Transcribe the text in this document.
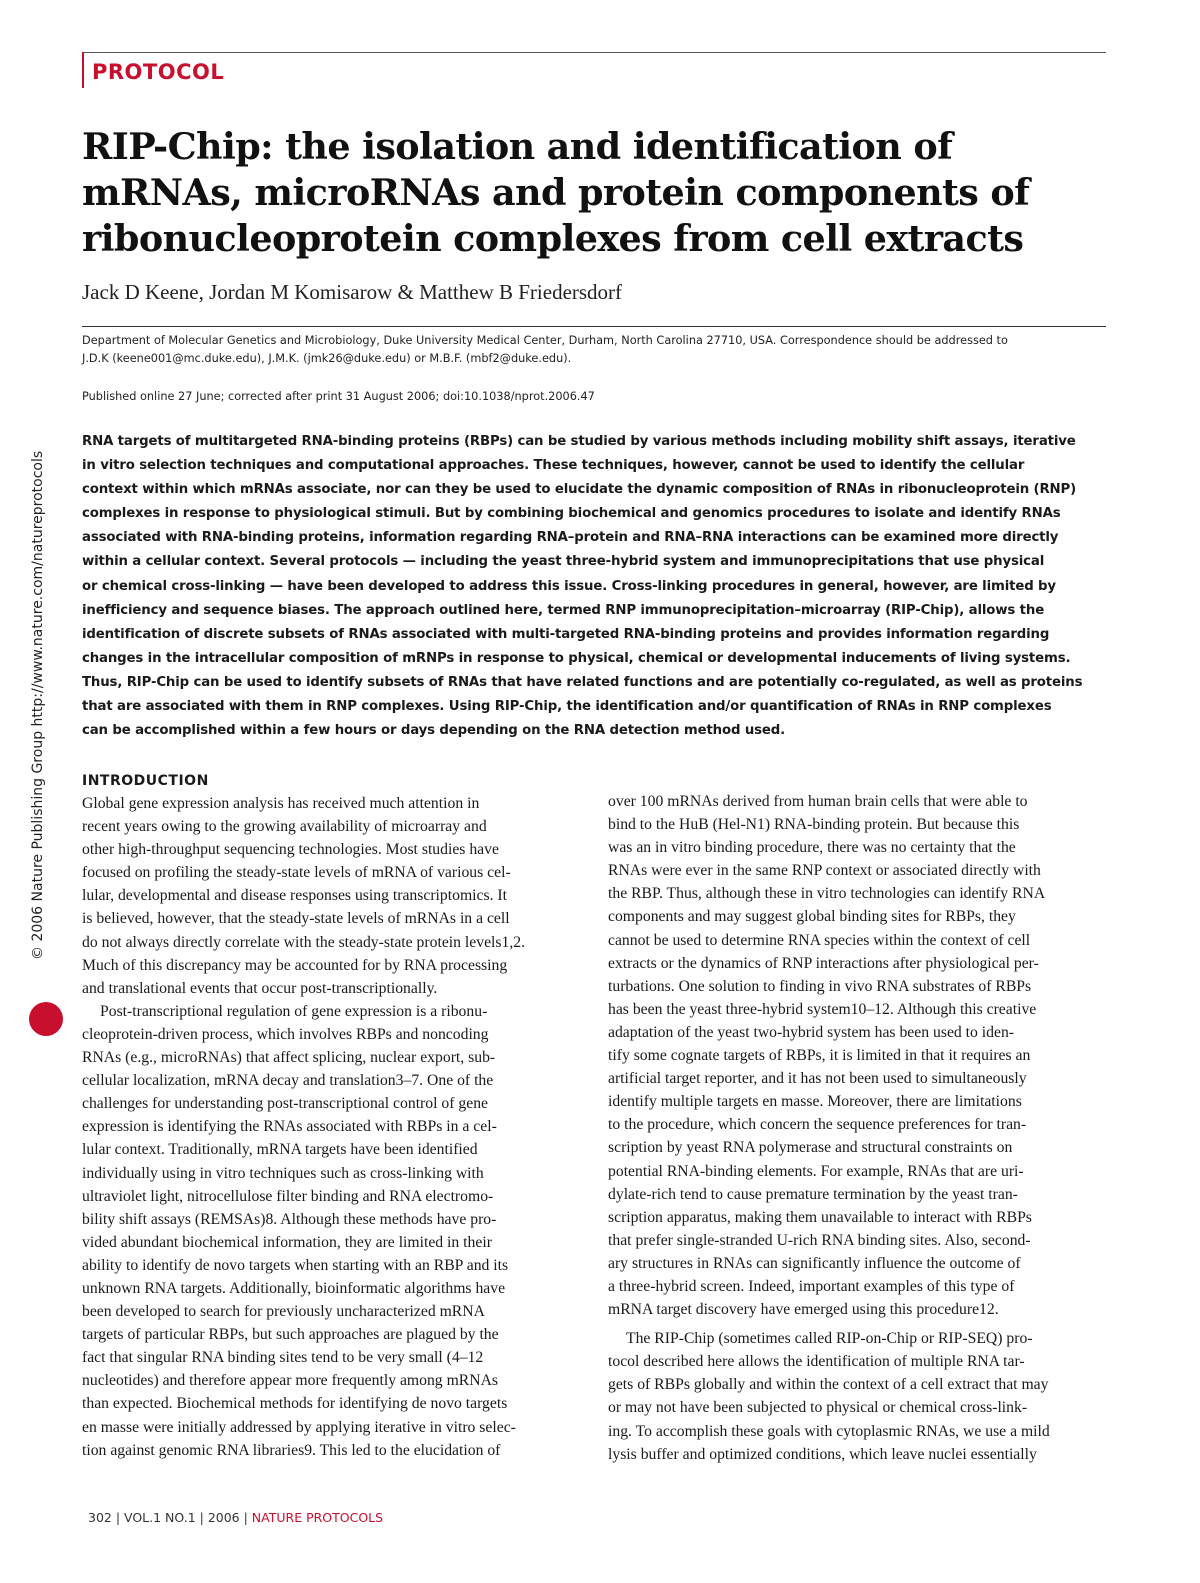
PROTOCOL
RIP-Chip: the isolation and identification of
mRNAs, microRNAs and protein components of
ribonucleoprotein complexes from cell extracts
Jack D Keene, Jordan M Komisarow & Matthew B Friedersdorf
Department of Molecular Genetics and Microbiology, Duke University Medical Center, Durham, North Carolina 27710, USA. Correspondence should be addressed to
J.D.K (keene001@mc.duke.edu), J.M.K. (jmk26@duke.edu) or M.B.F. (mbf2@duke.edu).
Published online 27 June; corrected after print 31 August 2006; doi:10.1038/nprot.2006.47
RNA targets of multitargeted RNA-binding proteins (RBPs) can be studied by various methods including mobility shift assays, iterative
in vitro selection techniques and computational approaches. These techniques, however, cannot be used to identify the cellular
context within which mRNAs associate, nor can they be used to elucidate the dynamic composition of RNAs in ribonucleoprotein (RNP)
complexes in response to physiological stimuli. But by combining biochemical and genomics procedures to isolate and identify RNAs
associated with RNA-binding proteins, information regarding RNA–protein and RNA–RNA interactions can be examined more directly
within a cellular context. Several protocols — including the yeast three-hybrid system and immunoprecipitations that use physical
or chemical cross-linking — have been developed to address this issue. Cross-linking procedures in general, however, are limited by
inefficiency and sequence biases. The approach outlined here, termed RNP immunoprecipitation–microarray (RIP-Chip), allows the
identification of discrete subsets of RNAs associated with multi-targeted RNA-binding proteins and provides information regarding
changes in the intracellular composition of mRNPs in response to physical, chemical or developmental inducements of living systems.
Thus, RIP-Chip can be used to identify subsets of RNAs that have related functions and are potentially co-regulated, as well as proteins
that are associated with them in RNP complexes. Using RIP-Chip, the identification and/or quantification of RNAs in RNP complexes
can be accomplished within a few hours or days depending on the RNA detection method used.
INTRODUCTION
Global gene expression analysis has received much attention in
recent years owing to the growing availability of microarray and
other high-throughput sequencing technologies. Most studies have
focused on profiling the steady-state levels of mRNA of various cel-
lular, developmental and disease responses using transcriptomics. It
is believed, however, that the steady-state levels of mRNAs in a cell
do not always directly correlate with the steady-state protein levels1,2.
Much of this discrepancy may be accounted for by RNA processing
and translational events that occur post-transcriptionally.
Post-transcriptional regulation of gene expression is a ribonu-
cleoprotein-driven process, which involves RBPs and noncoding
RNAs (e.g., microRNAs) that affect splicing, nuclear export, sub-
cellular localization, mRNA decay and translation3–7. One of the
challenges for understanding post-transcriptional control of gene
expression is identifying the RNAs associated with RBPs in a cel-
lular context. Traditionally, mRNA targets have been identified
individually using in vitro techniques such as cross-linking with
ultraviolet light, nitrocellulose filter binding and RNA electromo-
bility shift assays (REMSAs)8. Although these methods have pro-
vided abundant biochemical information, they are limited in their
ability to identify de novo targets when starting with an RBP and its
unknown RNA targets. Additionally, bioinformatic algorithms have
been developed to search for previously uncharacterized mRNA
targets of particular RBPs, but such approaches are plagued by the
fact that singular RNA binding sites tend to be very small (4–12
nucleotides) and therefore appear more frequently among mRNAs
than expected. Biochemical methods for identifying de novo targets
en masse were initially addressed by applying iterative in vitro selec-
tion against genomic RNA libraries9. This led to the elucidation of
over 100 mRNAs derived from human brain cells that were able to
bind to the HuB (Hel-N1) RNA-binding protein. But because this
was an in vitro binding procedure, there was no certainty that the
RNAs were ever in the same RNP context or associated directly with
the RBP. Thus, although these in vitro technologies can identify RNA
components and may suggest global binding sites for RBPs, they
cannot be used to determine RNA species within the context of cell
extracts or the dynamics of RNP interactions after physiological per-
turbations. One solution to finding in vivo RNA substrates of RBPs
has been the yeast three-hybrid system10–12. Although this creative
adaptation of the yeast two-hybrid system has been used to iden-
tify some cognate targets of RBPs, it is limited in that it requires an
artificial target reporter, and it has not been used to simultaneously
identify multiple targets en masse. Moreover, there are limitations
to the procedure, which concern the sequence preferences for tran-
scription by yeast RNA polymerase and structural constraints on
potential RNA-binding elements. For example, RNAs that are uri-
dylate-rich tend to cause premature termination by the yeast tran-
scription apparatus, making them unavailable to interact with RBPs
that prefer single-stranded U-rich RNA binding sites. Also, second-
ary structures in RNAs can significantly influence the outcome of
a three-hybrid screen. Indeed, important examples of this type of
mRNA target discovery have emerged using this procedure12.
The RIP-Chip (sometimes called RIP-on-Chip or RIP-SEQ) pro-
tocol described here allows the identification of multiple RNA tar-
gets of RBPs globally and within the context of a cell extract that may
or may not have been subjected to physical or chemical cross-link-
ing. To accomplish these goals with cytoplasmic RNAs, we use a mild
lysis buffer and optimized conditions, which leave nuclei essentially
© 2006 Nature Publishing Group http://www.nature.com/natureprotocols
302 | VOL.1 NO.1 | 2006 | NATURE PROTOCOLS
